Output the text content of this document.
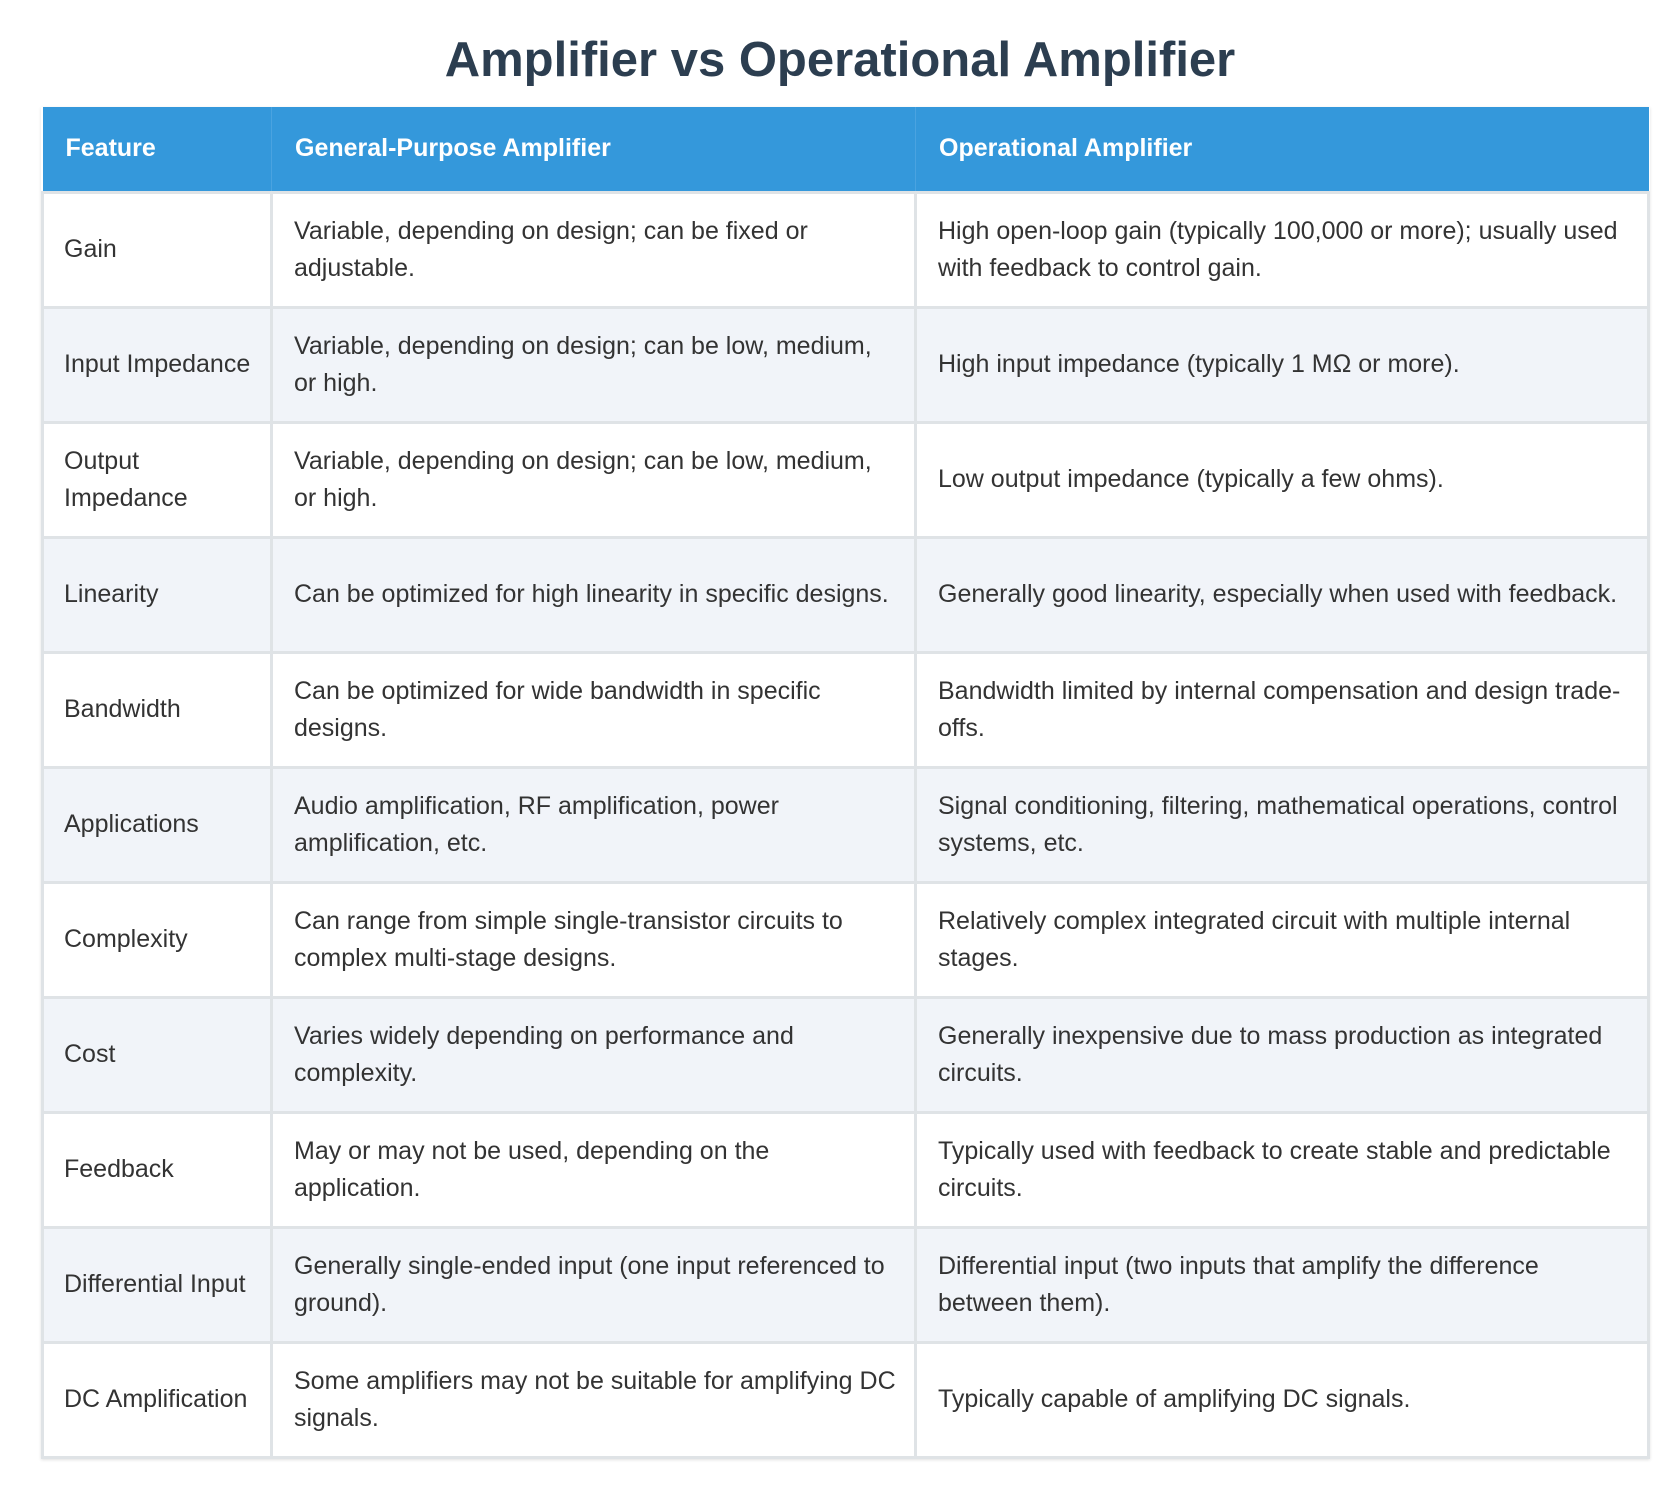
Amplifier vs Operational Amplifier
Feature	General-Purpose Amplifier	Operational Amplifier
Gain	Variable, depending on design; can be fixed or adjustable.	High open-loop gain (typically 100,000 or more); usually used with feedback to control gain.
Input Impedance	Variable, depending on design; can be low, medium, or high.	High input impedance (typically 1 MΩ or more).
Output Impedance	Variable, depending on design; can be low, medium, or high.	Low output impedance (typically a few ohms).
Linearity	Can be optimized for high linearity in specific designs.	Generally good linearity, especially when used with feedback.
Bandwidth	Can be optimized for wide bandwidth in specific designs.	Bandwidth limited by internal compensation and design trade-offs.
Applications	Audio amplification, RF amplification, power amplification, etc.	Signal conditioning, filtering, mathematical operations, control systems, etc.
Complexity	Can range from simple single-transistor circuits to complex multi-stage designs.	Relatively complex integrated circuit with multiple internal stages.
Cost	Varies widely depending on performance and complexity.	Generally inexpensive due to mass production as integrated circuits.
Feedback	May or may not be used, depending on the application.	Typically used with feedback to create stable and predictable circuits.
Differential Input	Generally single-ended input (one input referenced to ground).	Differential input (two inputs that amplify the difference between them).
DC Amplification	Some amplifiers may not be suitable for amplifying DC signals.	Typically capable of amplifying DC signals.
